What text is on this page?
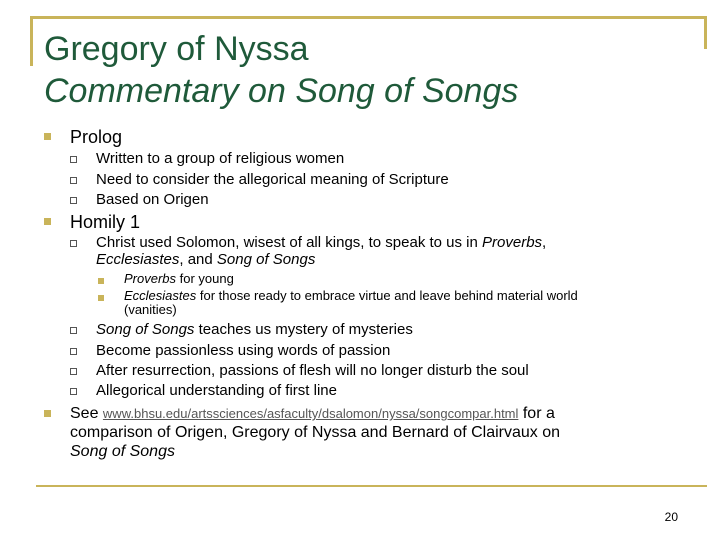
Gregory of Nyssa
Commentary on Song of Songs
Prolog
Written to a group of religious women
Need to consider the allegorical meaning of Scripture
Based on Origen
Homily 1
Christ used Solomon, wisest of all kings, to speak to us in Proverbs,
Ecclesiastes, and Song of Songs
Proverbs for young
Ecclesiastes for those ready to embrace virtue and leave behind material world
(vanities)
Song of Songs teaches us mystery of mysteries
Become passionless using words of passion
After resurrection, passions of flesh will no longer disturb the soul
Allegorical understanding of first line
See www.bhsu.edu/artssciences/asfaculty/dsalomon/nyssa/songcompar.html for a
comparison of Origen, Gregory of Nyssa and Bernard of Clairvaux on
Song of Songs
20
